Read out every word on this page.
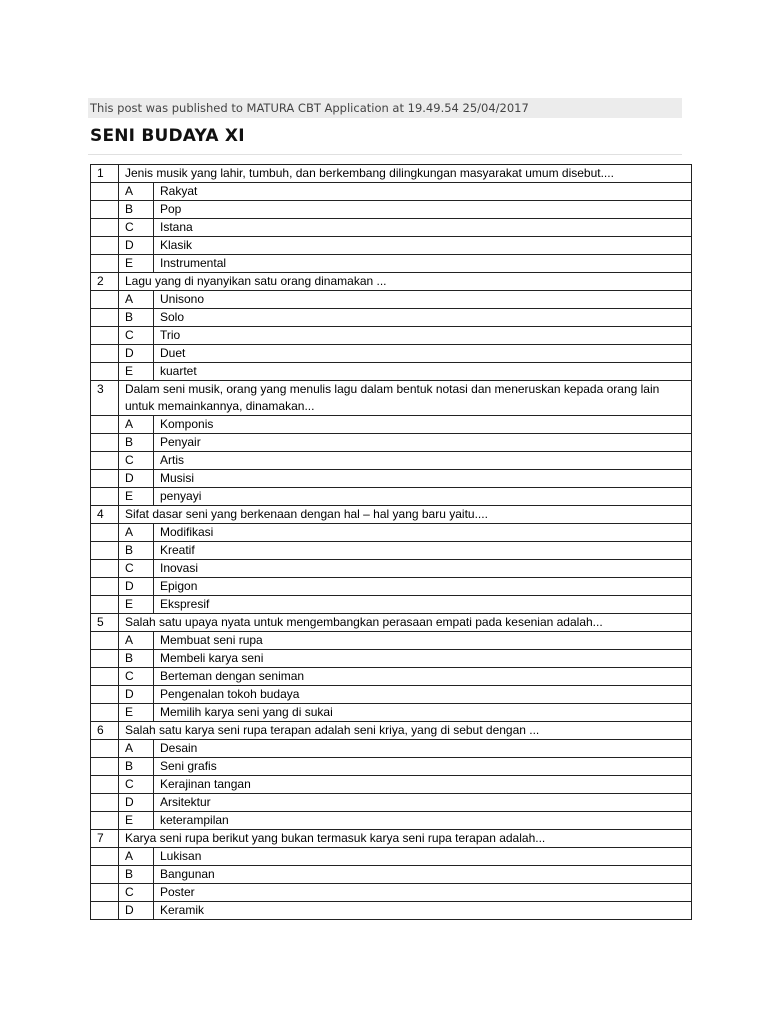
This post was published to MATURA CBT Application at 19.49.54 25/04/2017
SENI BUDAYA XI
1	Jenis musik yang lahir, tumbuh, dan berkembang dilingkungan masyarakat umum disebut....	
	A	Rakyat
	B	Pop
	C	Istana
	D	Klasik
	E	Instrumental
2	Lagu yang di nyanyikan satu orang dinamakan ...	
	A	Unisono
	B	Solo
	C	Trio
	D	Duet
	E	kuartet
3	Dalam seni musik, orang yang menulis lagu dalam bentuk notasi dan meneruskan kepada orang lain untuk memainkannya, dinamakan...	
	A	Komponis
	B	Penyair
	C	Artis
	D	Musisi
	E	penyayi
4	Sifat dasar seni yang berkenaan dengan hal – hal yang baru yaitu....	
	A	Modifikasi
	B	Kreatif
	C	Inovasi
	D	Epigon
	E	Ekspresif
5	Salah satu upaya nyata untuk mengembangkan perasaan empati pada kesenian adalah...	
	A	Membuat seni rupa
	B	Membeli karya seni
	C	Berteman dengan seniman
	D	Pengenalan tokoh budaya
	E	Memilih karya seni yang di sukai
6	Salah satu karya seni rupa terapan adalah seni kriya, yang di sebut dengan ...	
	A	Desain
	B	Seni grafis
	C	Kerajinan tangan
	D	Arsitektur
	E	keterampilan
7	Karya seni rupa berikut yang bukan termasuk karya seni rupa terapan adalah...	
	A	Lukisan
	B	Bangunan
	C	Poster
	D	Keramik
